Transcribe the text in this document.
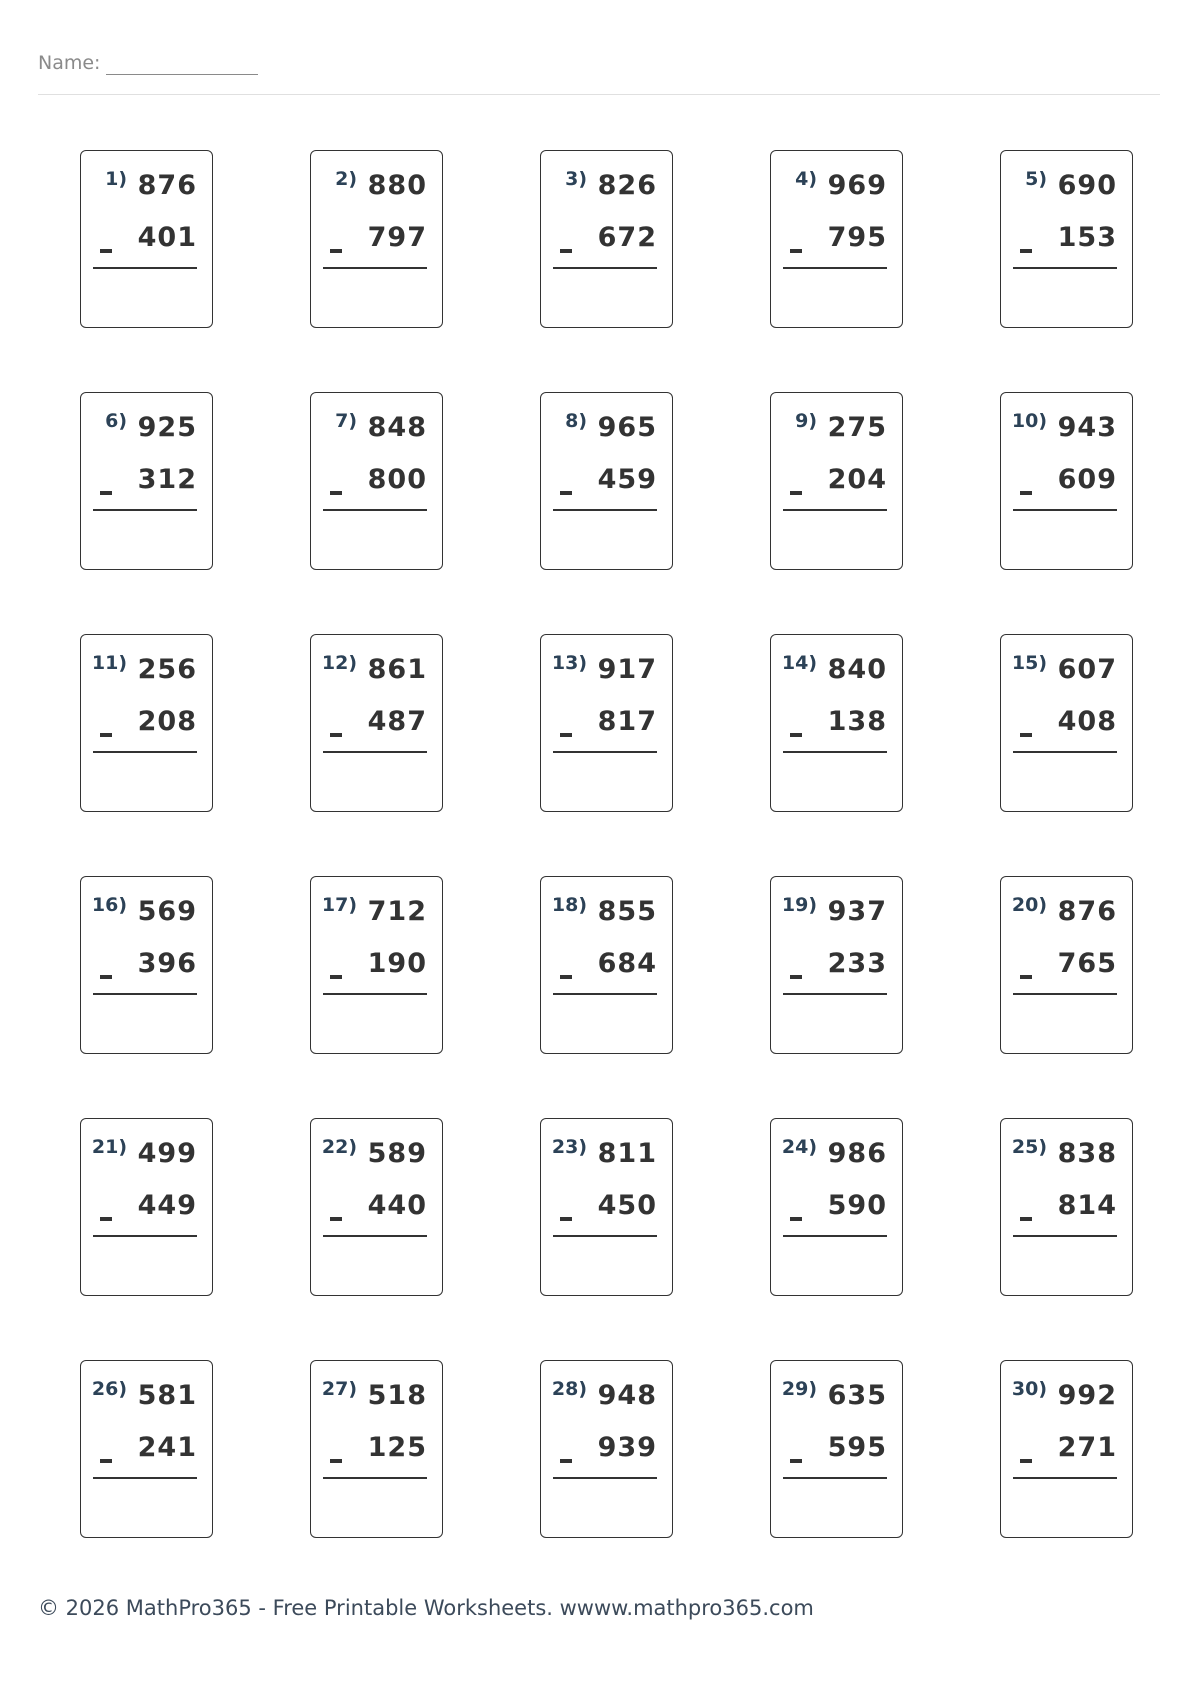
Name:
1) 876
401
2) 880
797
3) 826
672
4) 969
795
5) 690
153
6) 925
312
7) 848
800
8) 965
459
9) 275
204
10) 943
609
11) 256
208
12) 861
487
13) 917
817
14) 840
138
15) 607
408
16) 569
396
17) 712
190
18) 855
684
19) 937
233
20) 876
765
21) 499
449
22) 589
440
23) 811
450
24) 986
590
25) 838
814
26) 581
241
27) 518
125
28) 948
939
29) 635
595
30) 992
271
© 2026 MathPro365 - Free Printable Worksheets. wwww.mathpro365.com
